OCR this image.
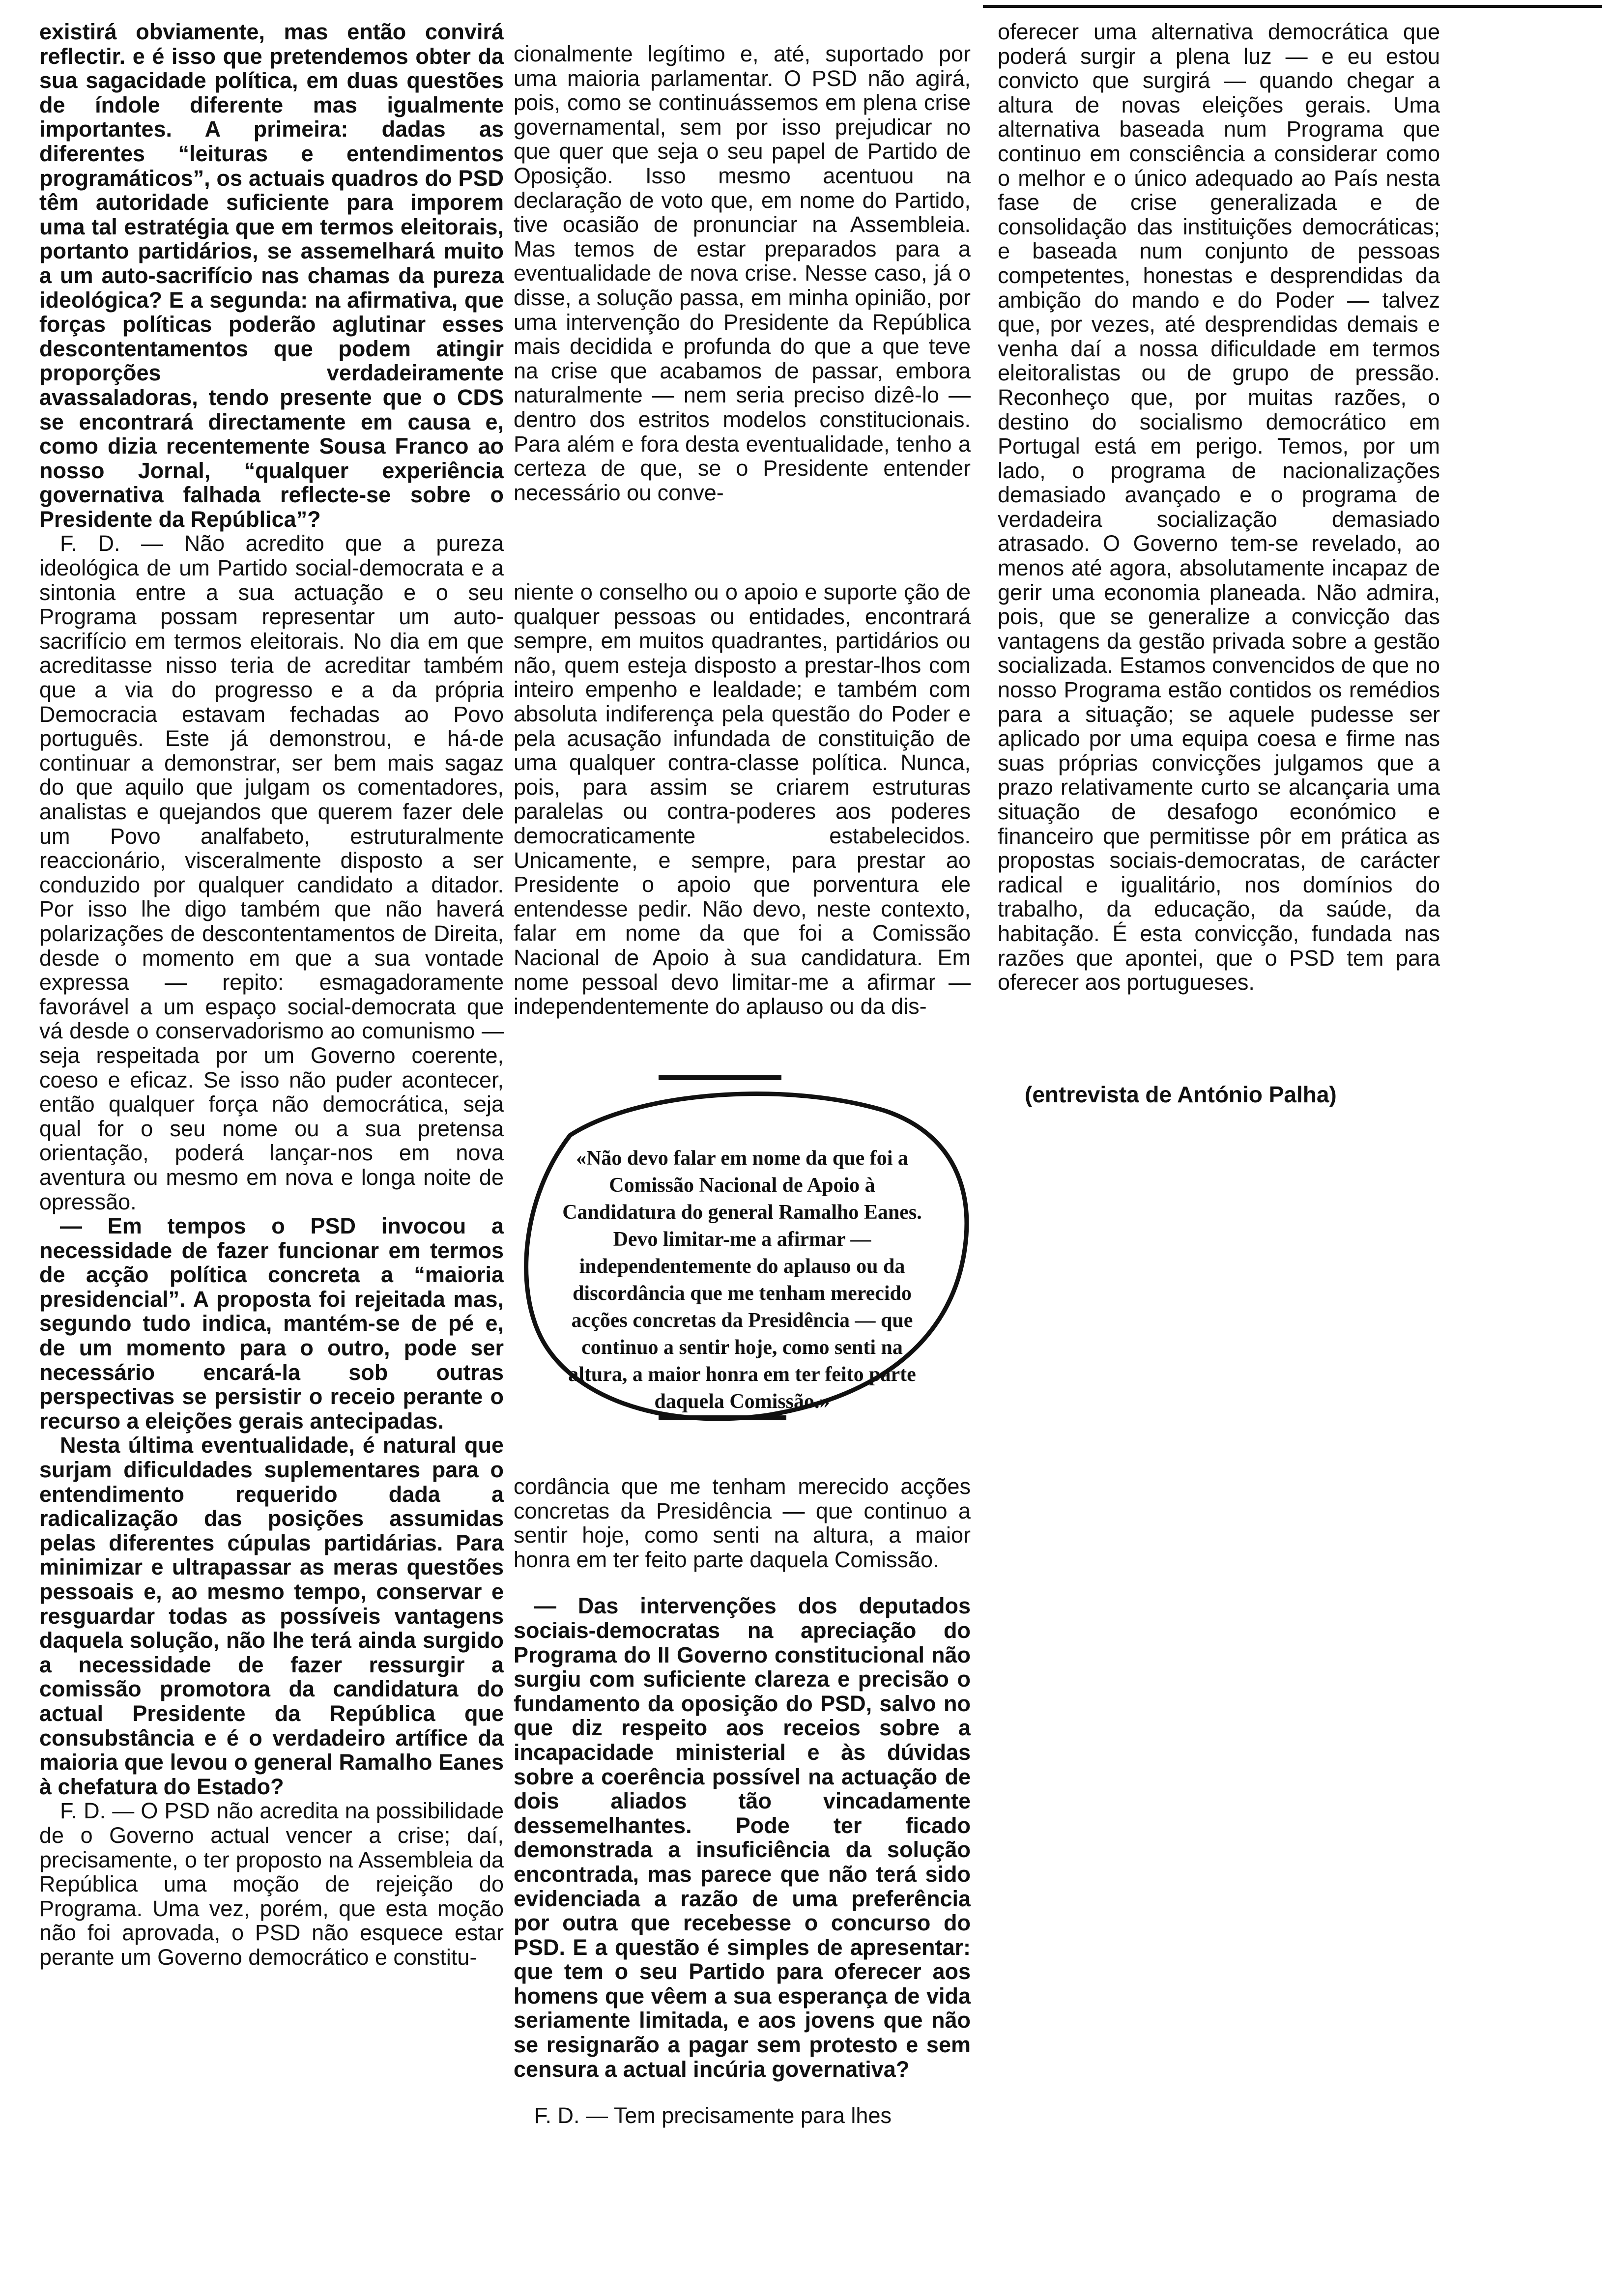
existirá obviamente, mas então convirá reflectir. e é isso que pretendemos obter da sua sagacidade política, em duas questões de índole diferente mas igualmente importantes. A primeira: dadas as diferentes “leituras e entendimentos programáticos”, os actuais quadros do PSD têm autoridade suficiente para imporem uma tal estratégia que em termos eleitorais, portanto partidários, se assemelhará muito a um auto-sacrifício nas chamas da pureza ideológica? E a segunda: na afirmativa, que forças políticas poderão aglutinar esses descontentamentos que podem atingir proporções verdadeiramente avassaladoras, tendo presente que o CDS se encontrará directamente em causa e, como dizia recentemente Sousa Franco ao nosso Jornal, “qualquer experiência governativa falhada reflecte-se sobre o Presidente da República”?

F. D. — Não acredito que a pureza ideológica de um Partido social-democrata e a sintonia entre a sua actuação e o seu Programa possam representar um auto-sacrifício em termos eleitorais. No dia em que acreditasse nisso teria de acreditar também que a via do progresso e a da própria Democracia estavam fechadas ao Povo português. Este já demonstrou, e há-de continuar a demonstrar, ser bem mais sagaz do que aquilo que julgam os comentadores, analistas e quejandos que querem fazer dele um Povo analfabeto, estruturalmente reaccionário, visceralmente disposto a ser conduzido por qualquer candidato a ditador. Por isso lhe digo também que não haverá polarizações de descontentamentos de Direita, desde o momento em que a sua vontade expressa — repito: esmagadoramente favorável a um espaço social-democrata que vá desde o conservadorismo ao comunismo — seja respeitada por um Governo coerente, coeso e eficaz. Se isso não puder acontecer, então qualquer força não democrática, seja qual for o seu nome ou a sua pretensa orientação, poderá lançar-nos em nova aventura ou mesmo em nova e longa noite de opressão.

— Em tempos o PSD invocou a necessidade de fazer funcionar em termos de acção política concreta a “maioria presidencial”. A proposta foi rejeitada mas, segundo tudo indica, mantém-se de pé e, de um momento para o outro, pode ser necessário encará-la sob outras perspectivas se persistir o receio perante o recurso a eleições gerais antecipadas.

Nesta última eventualidade, é natural que surjam dificuldades suplementares para o entendimento requerido dada a radicalização das posições assumidas pelas diferentes cúpulas partidárias. Para minimizar e ultrapassar as meras questões pessoais e, ao mesmo tempo, conservar e resguardar todas as possíveis vantagens daquela solução, não lhe terá ainda surgido a necessidade de fazer ressurgir a comissão promotora da candidatura do actual Presidente da República que consubstância e é o verdadeiro artífice da maioria que levou o general Ramalho Eanes à chefatura do Estado?

F. D. — O PSD não acredita na possibilidade de o Governo actual vencer a crise; daí, precisamente, o ter proposto na Assembleia da República uma moção de rejeição do Programa. Uma vez, porém, que esta moção não foi aprovada, o PSD não esquece estar perante um Governo democrático e constitu-

cionalmente legítimo e, até, suportado por uma maioria parlamentar. O PSD não agirá, pois, como se continuássemos em plena crise governamental, sem por isso prejudicar no que quer que seja o seu papel de Partido de Oposição. Isso mesmo acentuou na declaração de voto que, em nome do Partido, tive ocasião de pronunciar na Assembleia. Mas temos de estar preparados para a eventualidade de nova crise. Nesse caso, já o disse, a solução passa, em minha opinião, por uma intervenção do Presidente da República mais decidida e profunda do que a que teve na crise que acabamos de passar, embora naturalmente — nem seria preciso dizê-lo — dentro dos estritos modelos constitucionais. Para além e fora desta eventualidade, tenho a certeza de que, se o Presidente entender necessário ou conve-

niente o conselho ou o apoio e suporte ção de qualquer pessoas ou entidades, encontrará sempre, em muitos quadrantes, partidários ou não, quem esteja disposto a prestar-lhos com inteiro empenho e lealdade; e também com absoluta indiferença pela questão do Poder e pela acusação infundada de constituição de uma qualquer contra-classe política. Nunca, pois, para assim se criarem estruturas paralelas ou contra-poderes aos poderes democraticamente estabelecidos. Unicamente, e sempre, para prestar ao Presidente o apoio que porventura ele entendesse pedir. Não devo, neste contexto, falar em nome da que foi a Comissão Nacional de Apoio à sua candidatura. Em nome pessoal devo limitar-me a afirmar — independentemente do aplauso ou da dis-

«Não devo falar em nome da que foi a Comissão Nacional de Apoio à Candidatura do general Ramalho Eanes. Devo limitar-me a afirmar — independentemente do aplauso ou da discordância que me tenham merecido acções concretas da Presidência — que continuo a sentir hoje, como senti na altura, a maior honra em ter feito parte daquela Comissão.»

cordância que me tenham merecido acções concretas da Presidência — que continuo a sentir hoje, como senti na altura, a maior honra em ter feito parte daquela Comissão.

— Das intervenções dos deputados sociais-democratas na apreciação do Programa do II Governo constitucional não surgiu com suficiente clareza e precisão o fundamento da oposição do PSD, salvo no que diz respeito aos receios sobre a incapacidade ministerial e às dúvidas sobre a coerência possível na actuação de dois aliados tão vincadamente dessemelhantes. Pode ter ficado demonstrada a insuficiência da solução encontrada, mas parece que não terá sido evidenciada a razão de uma preferência por outra que recebesse o concurso do PSD. E a questão é simples de apresentar: que tem o seu Partido para oferecer aos homens que vêem a sua esperança de vida seriamente limitada, e aos jovens que não se resignarão a pagar sem protesto e sem censura a actual incúria governativa?

F. D. — Tem precisamente para lhes

oferecer uma alternativa democrática que poderá surgir a plena luz — e eu estou convicto que surgirá — quando chegar a altura de novas eleições gerais. Uma alternativa baseada num Programa que continuo em consciência a considerar como o melhor e o único adequado ao País nesta fase de crise generalizada e de consolidação das instituições democráticas; e baseada num conjunto de pessoas competentes, honestas e desprendidas da ambição do mando e do Poder — talvez que, por vezes, até desprendidas demais e venha daí a nossa dificuldade em termos eleitoralistas ou de grupo de pressão. Reconheço que, por muitas razões, o destino do socialismo democrático em Portugal está em perigo. Temos, por um lado, o programa de nacionalizações demasiado avançado e o programa de verdadeira socialização demasiado atrasado. O Governo tem-se revelado, ao menos até agora, absolutamente incapaz de gerir uma economia planeada. Não admira, pois, que se generalize a convicção das vantagens da gestão privada sobre a gestão socializada. Estamos convencidos de que no nosso Programa estão contidos os remédios para a situação; se aquele pudesse ser aplicado por uma equipa coesa e firme nas suas próprias convicções julgamos que a prazo relativamente curto se alcançaria uma situação de desafogo económico e financeiro que permitisse pôr em prática as propostas sociais-democratas, de carácter radical e igualitário, nos domínios do trabalho, da educação, da saúde, da habitação. É esta convicção, fundada nas razões que apontei, que o PSD tem para oferecer aos portugueses.

(entrevista de António Palha)
